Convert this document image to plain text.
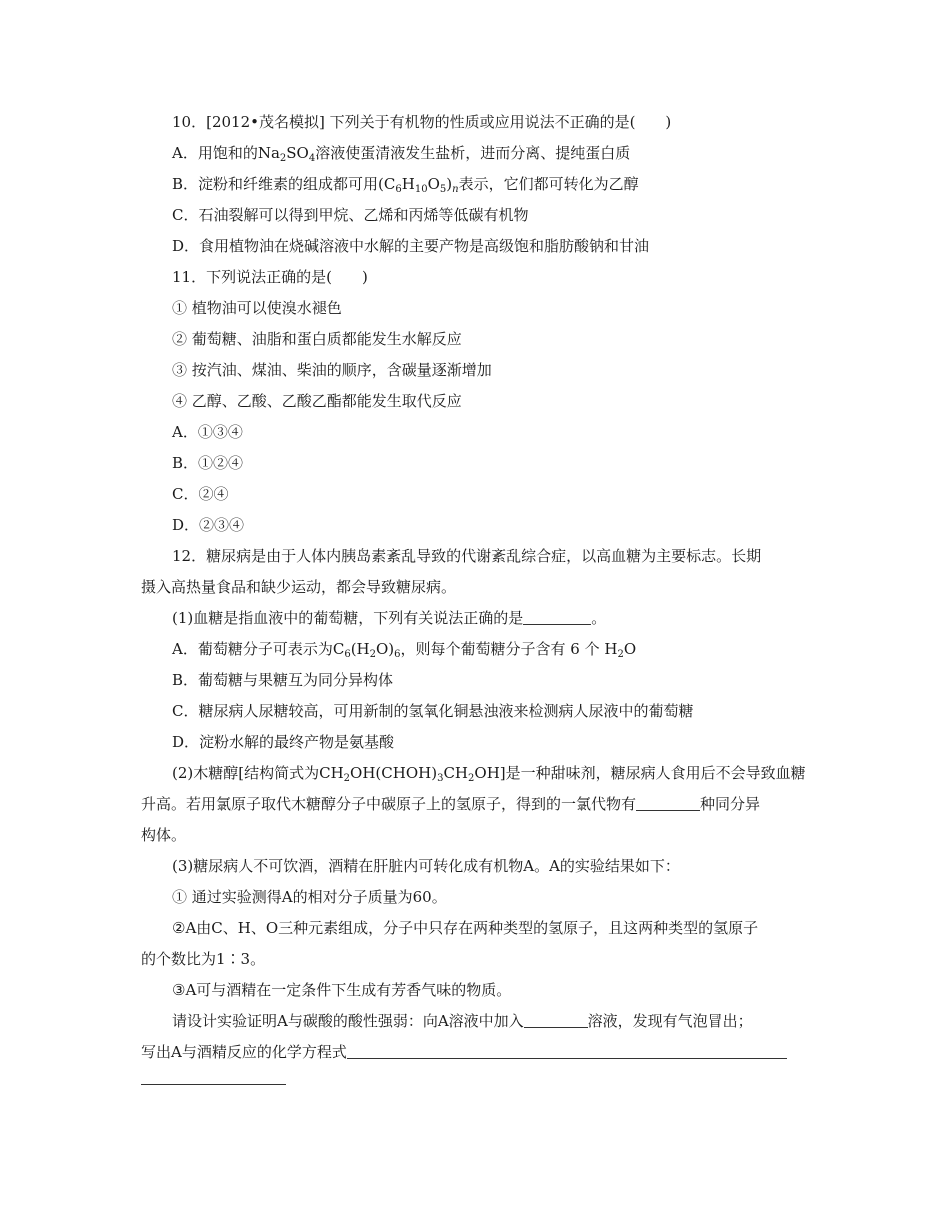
10．[2012•茂名模拟] 下列关于有机物的性质或应用说法不正确的是(　　)
A．用饱和的$Na_2SO_4$溶液使蛋清液发生盐析，进而分离、提纯蛋白质
B．淀粉和纤维素的组成都可用$(C_6H_{10}O_5)_n$表示，它们都可转化为乙醇
C．石油裂解可以得到甲烷、乙烯和丙烯等低碳有机物
D．食用植物油在烧碱溶液中水解的主要产物是高级饱和脂肪酸钠和甘油
11．下列说法正确的是(　　)
① 植物油可以使溴水褪色
② 葡萄糖、油脂和蛋白质都能发生水解反应
③ 按汽油、煤油、柴油的顺序，含碳量逐渐增加
④ 乙醇、乙酸、乙酸乙酯都能发生取代反应
A．①③④
B．①②④
C．②④
D．②③④
12．糖尿病是由于人体内胰岛素紊乱导致的代谢紊乱综合症，以高血糖为主要标志。长期
摄入高热量食品和缺少运动，都会导致糖尿病。
(1)血糖是指血液中的葡萄糖，下列有关说法正确的是	。
A．葡萄糖分子可表示为$C_6(H_2O)_6$，则每个葡萄糖分子含有 6 个 $H_2O$
B．葡萄糖与果糖互为同分异构体
C．糖尿病人尿糖较高，可用新制的氢氧化铜悬浊液来检测病人尿液中的葡萄糖
D．淀粉水解的最终产物是氨基酸
(2)木糖醇[结构简式为$CH_2OH(CHOH)_3CH_2OH$]是一种甜味剂，糖尿病人食用后不会导致血糖
升高。若用氯原子取代木糖醇分子中碳原子上的氢原子，得到的一氯代物有	种同分异
构体。
(3)糖尿病人不可饮酒，酒精在肝脏内可转化成有机物A。A的实验结果如下：
① 通过实验测得A的相对分子质量为60。
②A由C、H、O三种元素组成，分子中只存在两种类型的氢原子，且这两种类型的氢原子
的个数比为1∶3。
③A可与酒精在一定条件下生成有芳香气味的物质。
请设计实验证明A与碳酸的酸性强弱：向A溶液中加入	溶液，发现有气泡冒出；
写出A与酒精反应的化学方程式
